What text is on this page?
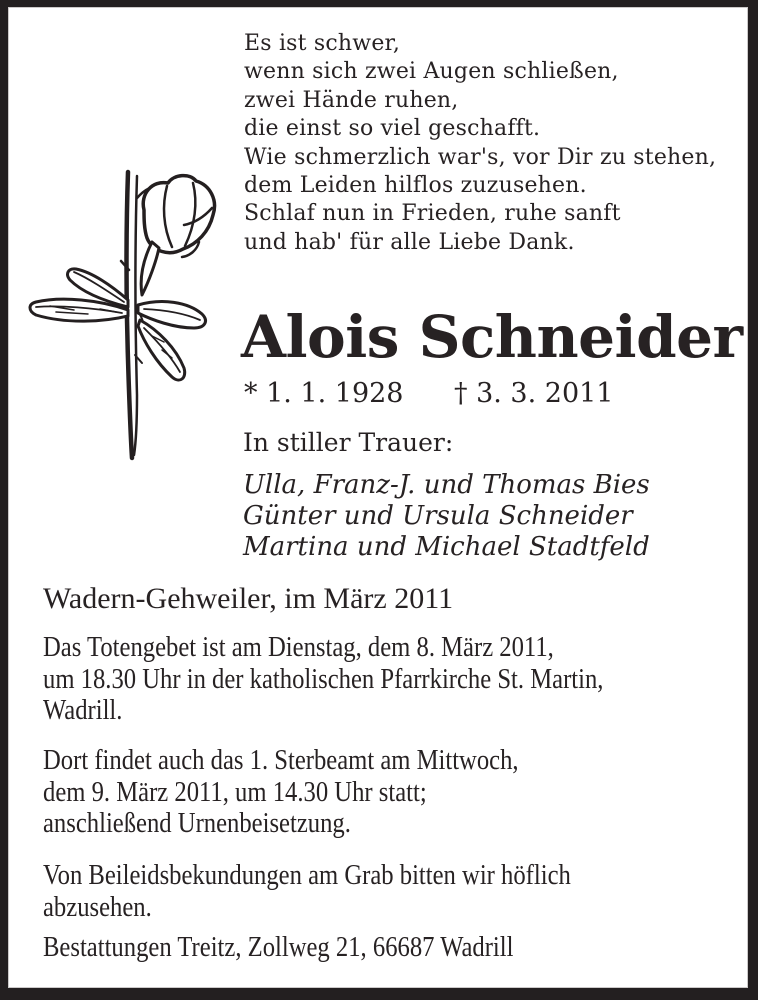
Es ist schwer,
wenn sich zwei Augen schließen,
zwei Hände ruhen,
die einst so viel geschafft.
Wie schmerzlich war's, vor Dir zu stehen,
dem Leiden hilflos zuzusehen.
Schlaf nun in Frieden, ruhe sanft
und hab' für alle Liebe Dank.
Alois Schneider
* 1. 1. 1928 † 3. 3. 2011
In stiller Trauer:
Ulla, Franz-J. und Thomas Bies
Günter und Ursula Schneider
Martina und Michael Stadtfeld
Wadern-Gehweiler, im März 2011
Das Totengebet ist am Dienstag, dem 8. März 2011,
um 18.30 Uhr in der katholischen Pfarrkirche St. Martin,
Wadrill.
Dort findet auch das 1. Sterbeamt am Mittwoch,
dem 9. März 2011, um 14.30 Uhr statt;
anschließend Urnenbeisetzung.
Von Beileidsbekundungen am Grab bitten wir höflich
abzusehen.
Bestattungen Treitz, Zollweg 21, 66687 Wadrill
